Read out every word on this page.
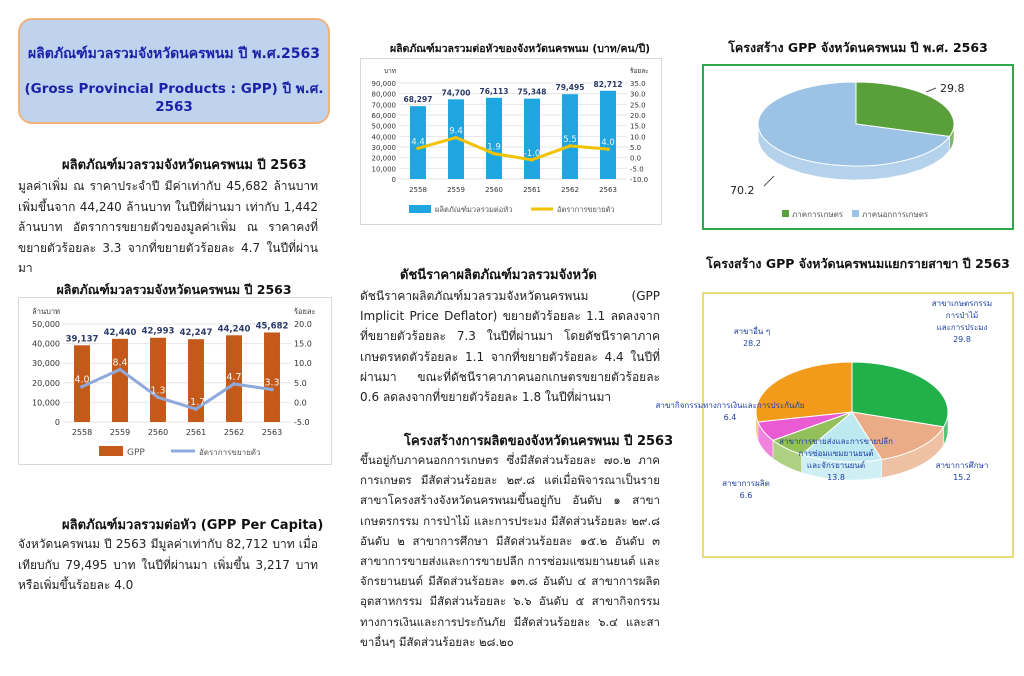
ผลิตภัณฑ์มวลรวมจังหวัดนครพนม ปี พ.ศ.2563
(Gross Provincial Products : GPP) ปี พ.ศ. 2563
ผลิตภัณฑ์มวลรวมจังหวัดนครพนม ปี 2563
มูลค่าเพิ่ม ณ ราคาประจำปี มีค่าเท่ากับ 45,682 ล้านบาท เพิ่มขึ้นจาก 44,240 ล้านบาท ในปีที่ผ่านมา เท่ากับ 1,442 ล้านบาท อัตราการขยายตัวของมูลค่าเพิ่ม ณ ราคาคงที่ ขยายตัวร้อยละ 3.3 จากที่ขยายตัวร้อยละ 4.7 ในปีที่ผ่านมา
ผลิตภัณฑ์มวลรวมจังหวัดนครพนม ปี 2563
0
10,000
20,000
30,000
40,000
50,000
-5.0
0.0
5.0
10.0
15.0
20.0
ล้านบาท	ร้อยละ
39,137
2558
42,440
2559
42,993
2560
42,247
2561
44,240
2562
45,682
2563
4.0
8.4
1.3
-1.7
4.7 3.3
GPP	อัตราการขยายตัว
ผลิตภัณฑ์มวลรวมต่อหัว (GPP Per Capita)
จังหวัดนครพนม ปี 2563 มีมูลค่าเท่ากับ 82,712 บาท เมื่อเทียบกับ 79,495 บาท ในปีที่ผ่านมา เพิ่มขึ้น 3,217 บาท หรือเพิ่มขึ้นร้อยละ 4.0
ผลิตภัณฑ์มวลรวมต่อหัวของจังหวัดนครพนม (บาท/คน/ปี)
0
10,000
20,000
30,000
40,000
50,000
60,000
70,000
80,000
90,000
-10.0
-5.0
0.0
5.0
10.0
15.0
20.0
25.0
30.0
35.0
บาท	ร้อยละ
68,297
2558
74,700
2559
76,113
2560
75,348
2561
79,495
2562
82,712
2563
4.4
9.4
1.9
-1.0
5.5	4.0
ผลิตภัณฑ์มวลรวมต่อหัว	อัตราการขยายตัว
ดัชนีราคาผลิตภัณฑ์มวลรวมจังหวัด
ดัชนีราคาผลิตภัณฑ์มวลรวมจังหวัดนครพนม (GPP Implicit Price Deflator) ขยายตัวร้อยละ 1.1 ลดลงจากที่ขยายตัวร้อยละ 7.3 ในปีที่ผ่านมา โดยดัชนีราคาภาคเกษตรหดตัวร้อยละ 1.1 จากที่ขยายตัวร้อยละ 4.4 ในปีที่ผ่านมา ขณะที่ดัชนีราคาภาคนอกเกษตรขยายตัวร้อยละ 0.6 ลดลงจากที่ขยายตัวร้อยละ 1.8 ในปีที่ผ่านมา
โครงสร้างการผลิตของจังหวัดนครพนม ปี 2563
ขึ้นอยู่กับภาคนอกการเกษตร ซึ่งมีสัดส่วนร้อยละ ๗๐.๒ ภาคการเกษตร มีสัดส่วนร้อยละ ๒๙.๘ แต่เมื่อพิจารณาเป็นรายสาขาโครงสร้างจังหวัดนครพนมขึ้นอยู่กับ อันดับ ๑ สาขาเกษตรกรรม การป่าไม้ และการประมง มีสัดส่วนร้อยละ ๒๙.๘ อันดับ ๒ สาขาการศึกษา มีสัดส่วนร้อยละ ๑๕.๒ อันดับ ๓ สาขาการขายส่งและการขายปลีก การซ่อมแซมยานยนต์ และจักรยานยนต์ มีสัดส่วนร้อยละ ๑๓.๘ อันดับ ๔ สาขาการผลิตอุตสาหกรรม มีสัดส่วนร้อยละ ๖.๖ อันดับ ๕ สาขากิจกรรมทางการเงินและการประกันภัย มีสัดส่วนร้อยละ ๖.๔ และสาขาอื่นๆ มีสัดส่วนร้อยละ ๒๘.๒๐
โครงสร้าง GPP จังหวัดนครพนม ปี พ.ศ. 2563
29.8
70.2
ภาคการเกษตร ภาคนอกการเกษตร
โครงสร้าง GPP จังหวัดนครพนมแยกรายสาขา ปี 2563
สาขาเกษตรกรรม
การป่าไม้
และการประมง
29.8
สาขาการศึกษา
15.2
สาขาการขายส่งและการขายปลีก
การซ่อมแซมยานยนต์
และจักรยานยนต์
13.8
สาขาการผลิต
6.6
สาขากิจกรรมทางการเงินและการประกันภัย
6.4
สาขาอื่น ๆ
28.2
